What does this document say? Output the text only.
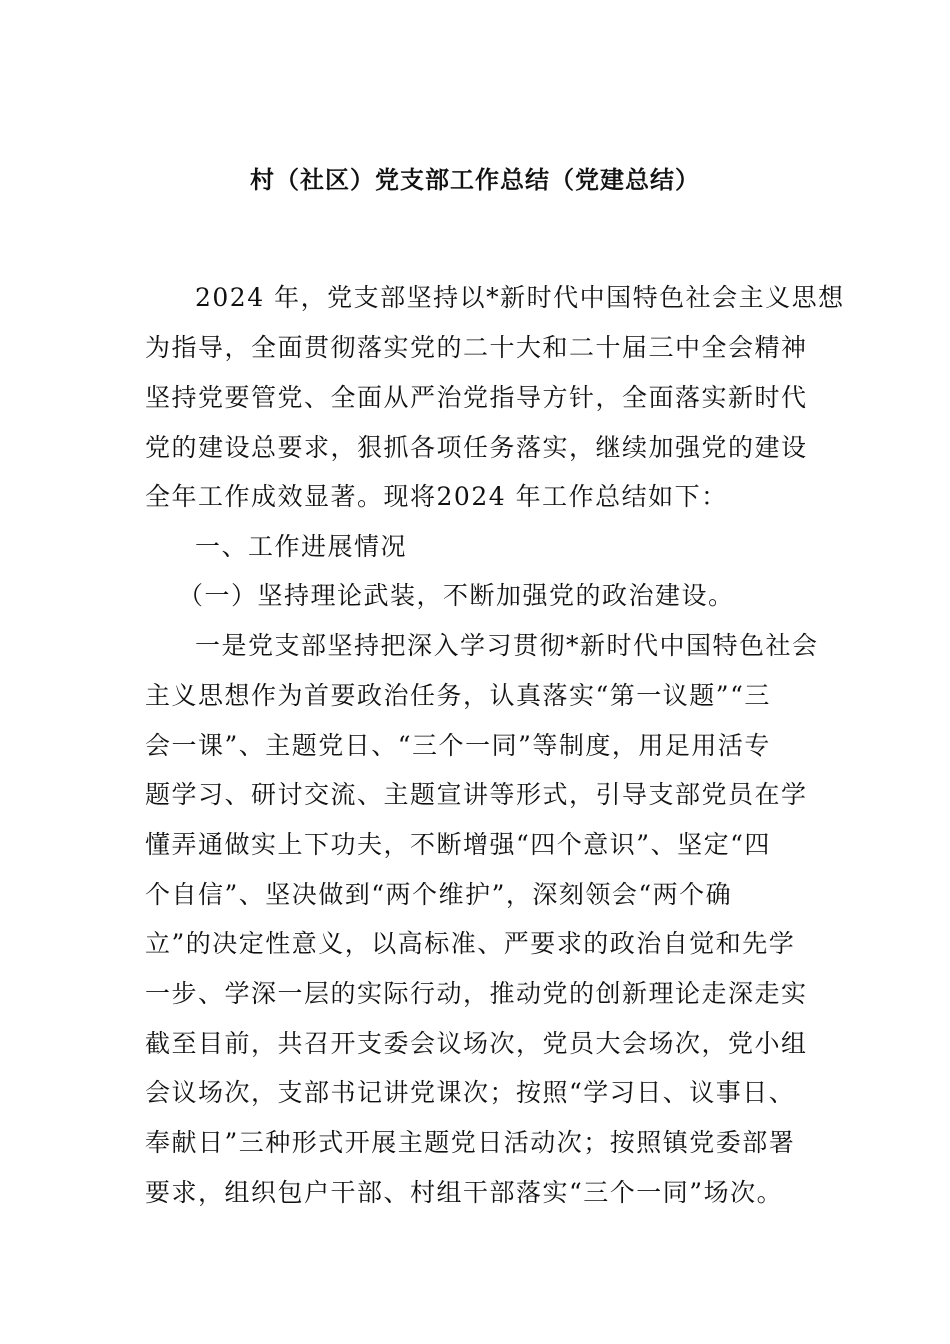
村（社区）党支部工作总结（党建总结）
2024 年，党支部坚持以*新时代中国特色社会主义思想
为指导，全面贯彻落实党的二十大和二十届三中全会精神
坚持党要管党、全面从严治党指导方针，全面落实新时代
党的建设总要求，狠抓各项任务落实，继续加强党的建设
全年工作成效显著。现将2024 年工作总结如下：
一、工作进展情况
（一）坚持理论武装，不断加强党的政治建设。
一是党支部坚持把深入学习贯彻*新时代中国特色社会
主义思想作为首要政治任务，认真落实“第一议题”“三
会一课”、主题党日、“三个一同”等制度，用足用活专
题学习、研讨交流、主题宣讲等形式，引导支部党员在学
懂弄通做实上下功夫，不断增强“四个意识”、坚定“四
个自信”、坚决做到“两个维护”，深刻领会“两个确
立”的决定性意义，以高标准、严要求的政治自觉和先学
一步、学深一层的实际行动，推动党的创新理论走深走实
截至目前，共召开支委会议场次，党员大会场次，党小组
会议场次，支部书记讲党课次；按照“学习日、议事日、
奉献日”三种形式开展主题党日活动次；按照镇党委部署
要求，组织包户干部、村组干部落实“三个一同”场次。
